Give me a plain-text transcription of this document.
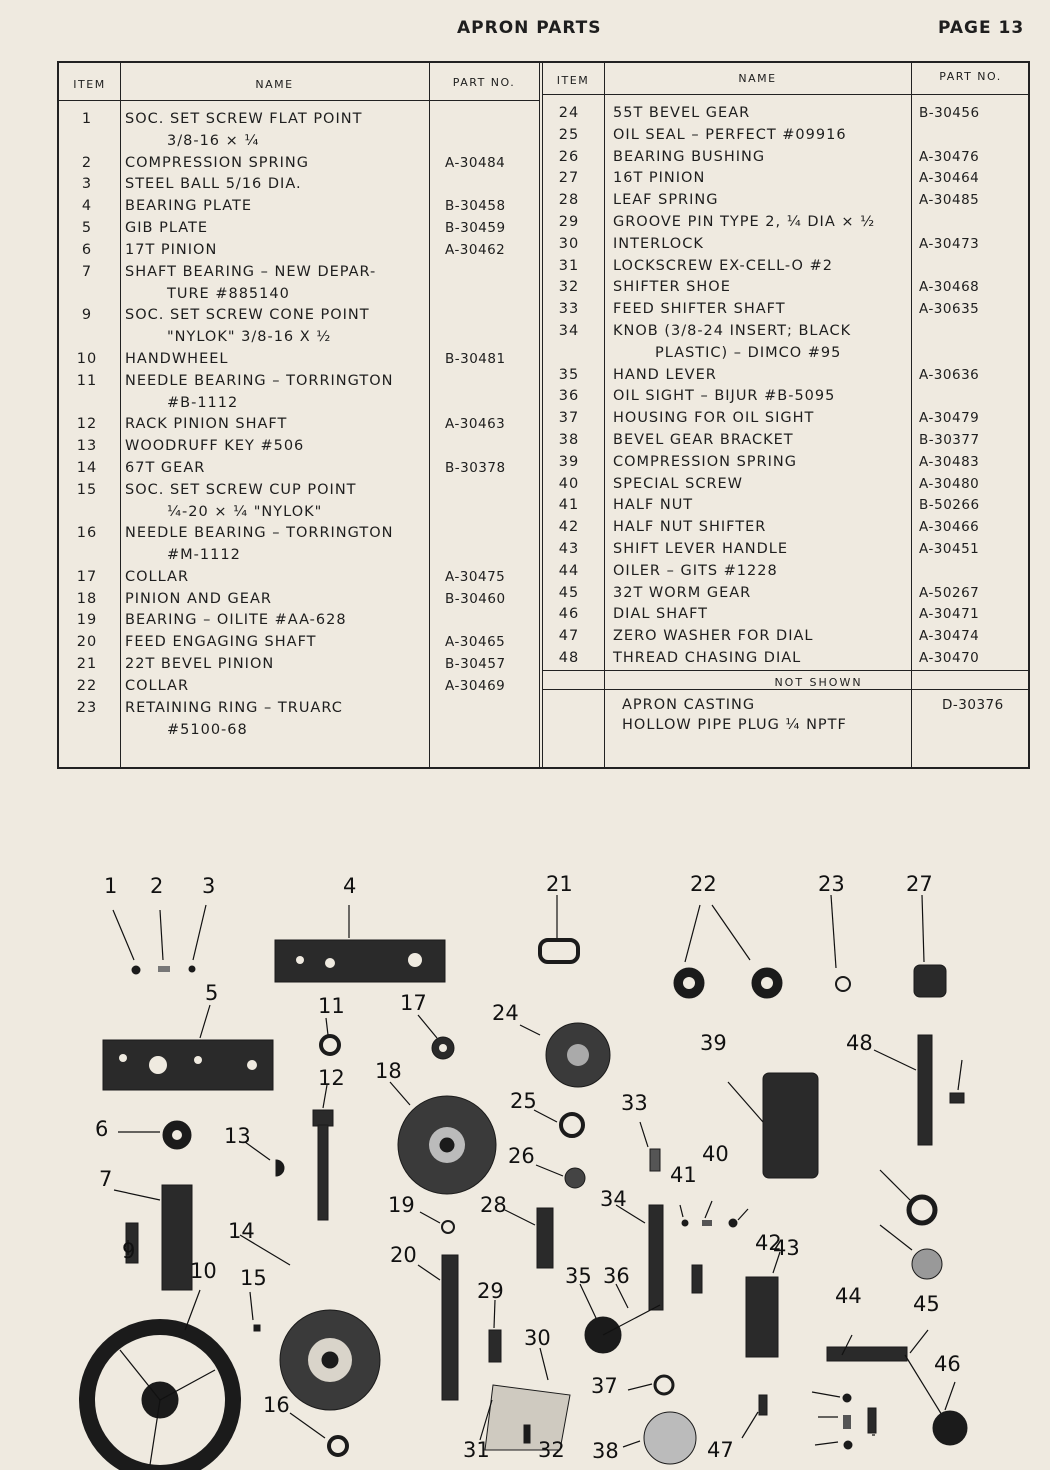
APRON PARTS	PAGE 13
ITEM	NAME	PART NO.	ITEM	NAME	PART NO.
1	SOC. SET SCREW FLAT POINT
3/8-16 × ¼
2	COMPRESSION SPRING	A-30484
3	STEEL BALL 5/16 DIA.
4	BEARING PLATE	B-30458
5	GIB PLATE	B-30459
6	17T PINION	A-30462
7	SHAFT BEARING – NEW DEPAR-
TURE #885140
9	SOC. SET SCREW CONE POINT
"NYLOK" 3/8-16 X ½
10	HANDWHEEL	B-30481
11	NEEDLE BEARING – TORRINGTON
#B-1112
12	RACK PINION SHAFT	A-30463
13	WOODRUFF KEY #506
14	67T GEAR	B-30378
15	SOC. SET SCREW CUP POINT
¼-20 × ¼ "NYLOK"
16	NEEDLE BEARING – TORRINGTON
#M-1112
17	COLLAR	A-30475
18	PINION AND GEAR	B-30460
19	BEARING – OILITE #AA-628
20	FEED ENGAGING SHAFT	A-30465
21	22T BEVEL PINION	B-30457
22	COLLAR	A-30469
23	RETAINING RING – TRUARC
#5100-68
24	55T BEVEL GEAR	B-30456
25	OIL SEAL – PERFECT #09916
26	BEARING BUSHING	A-30476
27	16T PINION	A-30464
28	LEAF SPRING	A-30485
29	GROOVE PIN TYPE 2, ¼ DIA × ½
30	INTERLOCK	A-30473
31	LOCKSCREW EX-CELL-O #2
32	SHIFTER SHOE	A-30468
33	FEED SHIFTER SHAFT	A-30635
34	KNOB (3/8-24 INSERT; BLACK
PLASTIC) – DIMCO #95
35	HAND LEVER	A-30636
36	OIL SIGHT – BIJUR #B-5095
37	HOUSING FOR OIL SIGHT	A-30479
38	BEVEL GEAR BRACKET	B-30377
39	COMPRESSION SPRING	A-30483
40	SPECIAL SCREW	A-30480
41	HALF NUT	B-50266
42	HALF NUT SHIFTER	A-30466
43	SHIFT LEVER HANDLE	A-30451
44	OILER – GITS #1228
45	32T WORM GEAR	A-50267
46	DIAL SHAFT	A-30471
47	ZERO WASHER FOR DIAL	A-30474
48	THREAD CHASING DIAL	A-30470
NOT SHOWN
APRON CASTING	D-30376
HOLLOW PIPE PLUG ¼ NPTF
1 2 3	4
5
11	17
12 18
24
25
26
6	13
7
9
10
14
15
16
19
20
21	22	23	27
28
29
30
31 32
33
34
35 36
37
38
39
40
41
42
43
44 45
46
47
48
